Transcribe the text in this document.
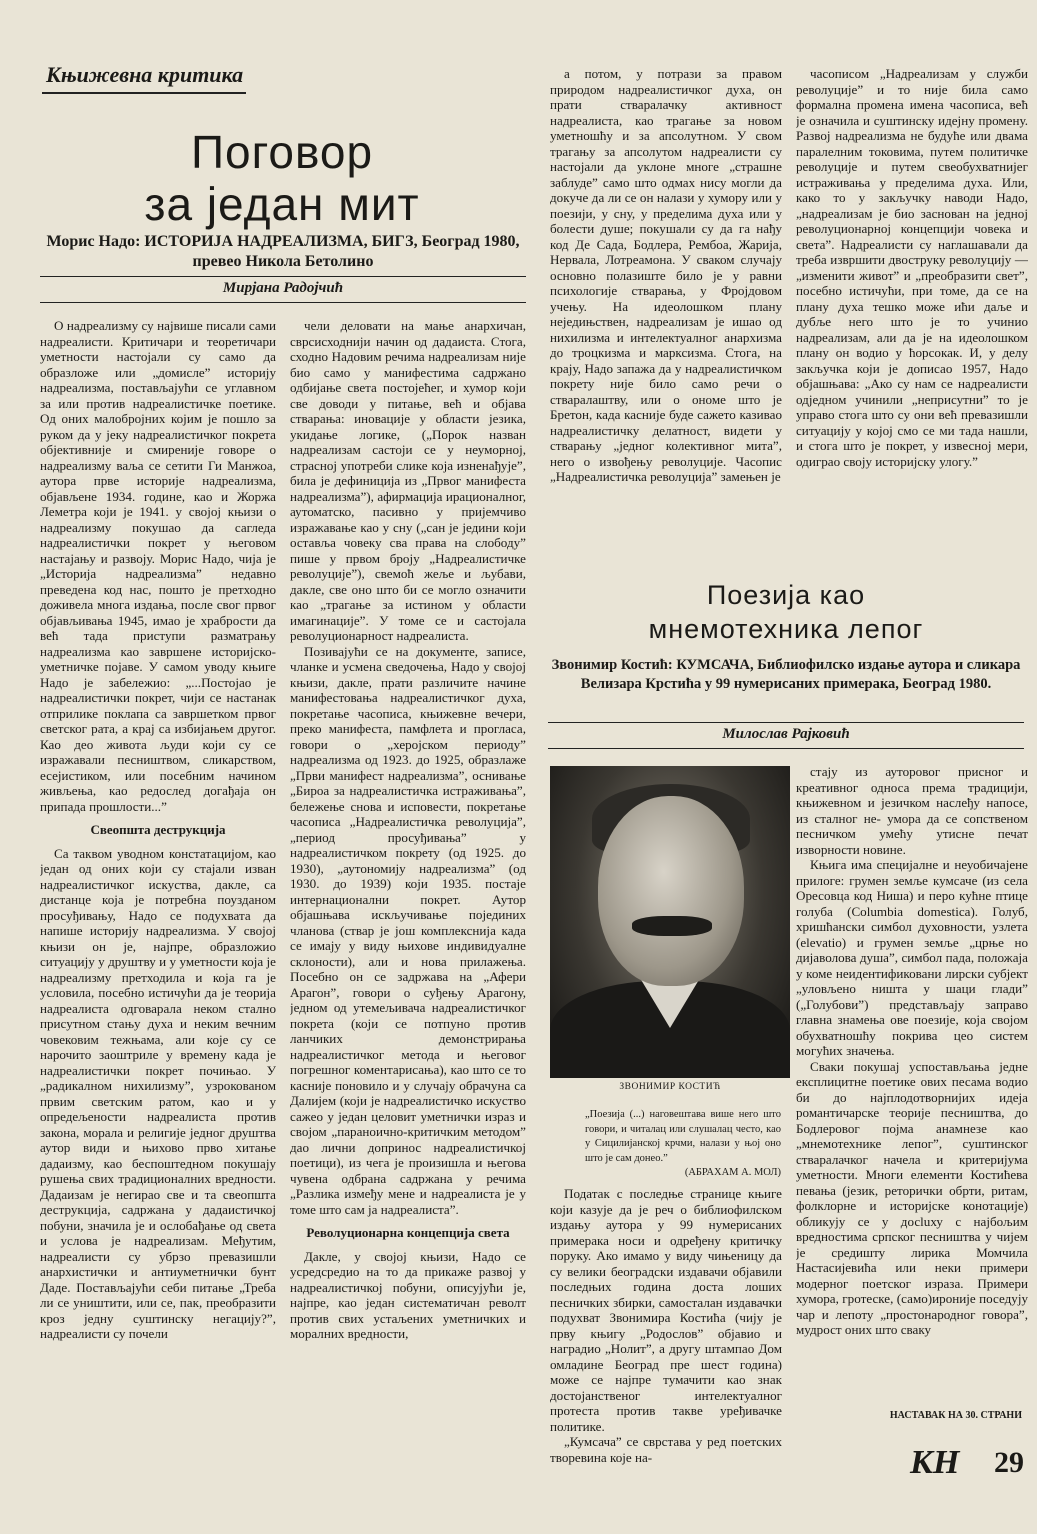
Књижевна критика
Поговор
за један мит
Морис Надо: ИСТОРИЈА НАДРЕАЛИЗМА, БИГЗ, Београд 1980, превео Никола Бетолино
Мирјана Радојчић

О надреализму су највише писали сами надреалисти. Критичари и теоретичари уметности настојали су само да образложе или „домисле” историју надреализма, постављајући се углавном за или против надреалистичке поетике. Од оних малобројних којим је пошло за руком да у јеку надреалистичког покрета објективније и смиреније говоре о надреализму ваља се сетити Ги Манжоа, аутора прве историје надреализма, објављене 1934. године, као и Жоржа Леметра који је 1941. у својој књизи о надреализму покушао да сагледа надреалистички покрет у његовом настајању и развоју. Морис Надо, чија је „Историја надреализма” недавно преведена код нас, пошто је претходно доживела многа издања, после свог првог објављивања 1945, имао је храбрости да већ тада приступи разматрању надреализма као завршене историјско-уметничке појаве. У самом уводу књиге Надо је забележио: „...Постојао је надреалистички покрет, чији се настанак отприлике поклапа са завршетком првог светског рата, а крај са избијањем другог. Као део живота људи који су се изражавали песништвом, сликарством, есејистиком, или посебним начином живљења, као редослед догађаја он припада прошлости...”

Свеопшта деструкција

Са таквом уводном констатацијом, као један од оних који су стајали изван надреалистичког искуства, дакле, са дистанце која је потребна поузданом просуђивању, Надо се подухвата да напише историју надреализма. У својој књизи он је, најпре, образложио ситуацију у друштву и у уметности која је надреализму претходила и која га је условила, посебно истичући да је теорија надреалиста одговарала неком стално присутном стању духа и неким вечним човековим тежњама, али које су се нарочито заоштриле у времену када је надреалистички покрет почињао. У „радикалном нихилизму”, узрокованом првим светским ратом, као и у опредељености надреалиста против закона, морала и религије једног друштва аутор види и њихово прво хитање дадаизму, као беспоштедном покушају рушења свих традиционалних вредности. Дадаизам је негирао све и та свеопшта деструкција, садржана у дадаистичкој побуни, значила је и ослобађање од света и услова је надреализам. Међутим, надреалисти су убрзо превазишли анархистички и антиуметнички бунт Даде. Постављајући себи питање „Треба ли се уништити, или се, пак, преобразити кроз једну суштинску негацију?”, надреалисти су почели

чели деловати на мање анархичан, сврсисходнији начин од дадаиста. Стога, сходно Надовим речима надреализам није био само у манифестима садржано одбијање света постојећег, и хумор који све доводи у питање, већ и објава стварања: иновације у области језика, укидање логике, („Порок назван надреализам састоји се у неуморној, страсној употреби слике која изненађује”, била је дефиниција из „Првог манифеста надреализма”), афирмација ирационалног, аутоматско, пасивно у пријемчиво изражавање као у сну („сан је једини који оставља човеку сва права на слободу” пише у првом броју „Надреалистичке револуције”), свемоћ жеље и љубави, дакле, све оно што би се могло означити као „трагање за истином у области имагинације”. У томе се и састојала револуционарност надреалиста.

Позивајући се на документе, записе, чланке и усмена сведочења, Надо у својој књизи, дакле, прати различите начине манифестовања надреалистичког духа, покретање часописа, књижевне вечери, преко манифеста, памфлета и прогласа, говори о „херојском периоду” надреализма од 1923. до 1925, образлаже „Први манифест надреализма”, оснивање „Бироа за надреалистичка истраживања”, бележење снова и исповести, покретање часописа „Надреалистичка револуција”, „период просуђивања” у надреалистичком покрету (од 1925. до 1930), „аутономију надреализма” (од 1930. до 1939) који 1935. постаје интернационални покрет. Аутор објашњава искључивање појединих чланова (ствар је још комплекснија када се имају у виду њихове индивидуалне склоности), али и нова прилажења. Посебно он се задржава на „Афери Арагон”, говори о суђењу Арагону, једном од утемељивача надреалистичког покрета (који се потпуно против ланчиких демонстрирања надреалистичког метода и његовог погрешног коментарисања), као што се то касније поновило и у случају обрачуна са Далијем (који је надреалистичко искуство сажео у један целовит уметнички израз и својом „параноично-критичким методом” дао лични допринос надреалистичкој поетици), из чега је произишла и његова чувена одбрана садржана у речима „Разлика између мене и надреалиста је у томе што сам ја надреалиста”.

Револуционарна концепција света

Дакле, у својој књизи, Надо се усредсредио на то да прикаже развој у надреалистичкој побуни, описујући је, најпре, као један систематичан револт против свих устаљених уметничких и моралних вредности,

а потом, у потрази за правом природом надреалистичког духа, он прати стваралачку активност надреалиста, као трагање за новом уметношћу и за апсолутном. У свом трагању за апсолутом надреалисти су настојали да уклоне многе „страшне заблуде” само што одмах нису могли да докуче да ли се он налази у хумору или у поезији, у сну, у пределима духа или у болести душе; покушали су да га нађу код Де Сада, Бодлера, Рембоа, Жарија, Нервала, Лотреамона. У сваком случају основно полазиште било је у равни психологије стварања, у Фројдовом учењу. На идеолошком плану неједињствен, надреализам је ишао од нихилизма и интелектуалног анархизма до троцкизма и марксизма. Стога, на крају, Надо запажа да у надреалистичком покрету није било само речи о стваралаштву, или о ономе што је Бретон, када касније буде сажето казивао надреалистичку делатност, видети у стварању „једног колективног мита”, него о извођењу револуције. Часопис „Надреалистичка револуција” замењен је

часописом „Надреализам у служби револуције” и то није била само формална промена имена часописа, већ је означила и суштинску идејну промену. Развој надреализма не будуће или двама паралелним токовима, путем политичке револуције и путем свеобухватнијег истраживања у пределима духа. Или, како то у закључку наводи Надо, „надреализам је био заснован на једној револуционарној концепцији човека и света”. Надреалисти су наглашавали да треба извршити двоструку револуцију — „изменити живот” и „преобразити свет”, посебно истичући, при томе, да се на плану духа тешко може ићи даље и дубље него што је то учинио надреализам, али да је на идеолошком плану он водио у ћорсокак. И, у делу закључка који је дописао 1957, Надо објашњава: „Ако су нам се надреалисти одједном учинили „неприсутни” то је управо стога што су они већ превазишли ситуацију у којој смо се ми тада нашли, и стога што је покрет, у извесној мери, одиграо своју историјску улогу.”

Поезија као
мнемотехника лепог
Звонимир Костић: КУМСАЧА, Библиофилско издање аутора и сликара Велизара Крстића у 99 нумерисаних примерака, Београд 1980.
Милослав Рајковић
ЗВОНИМИР КОСТИЋ
„Поезија (...) наговештава више него што говори, и читалац или слушалац често, као у Сицилијанској крчми, налази у њој оно што је сам донео.”
(АБРАХАМ А. МОЛ)

Податак с последње странице књиге који казује да је реч о библиофилском издању аутора у 99 нумерисаних примерака носи и одређену критичку поруку. Ако имамо у виду чињеницу да су велики београдски издавачи објавили последњих година доста лоших песничких збирки, самосталан издавачки подухват Звонимира Костића (чију је прву књигу „Родослов” објавио и наградио „Нолит”, а другу штампао Дом омладине Београд пре шест година) може се најпре тумачити као знак достојанственог интелектуалног протеста против таквe уређивачке политике.

„Кумсача” се сврстава у ред поетских творевина које на-

стају из ауторовог присног и креативног односа према традицији, књижевном и језичком наслеђу напосе, из сталног не- умора да се сопственом песничком умећу утисне печат изворности новине.

Књига има специјалне и неуобичајене прилоге: грумен земље кумсаче (из села Оресовца код Ниша) и перо кућне птице голуба (Columbia domestica). Голуб, хришћански симбол духовности, узлета (elevatio) и грумен земље „црње но дијаволова душа”, симбол пада, положаја у коме неидентификовани лирски субјект „уловљено ништа у шаци глади” („Голубови”) представљају заправо главна знамења ове поезије, која својом обухватношћу покрива цео систем могућих значења.

Сваки покушај успостављања једне експлицитне поетике ових песама водио би до најплодотворнијих идеја романтичарске теорије песништва, до Бодлеровог појма анамнезе као „мнемотехнике лепог”, суштинског стваралачког начела и критеријума уметности. Многи елементи Костићева певања (језик, реторички обрти, ритам, фолклорне и историјске конотације) обликују се у досluху с најбољим вредностима српског песништва у чијем је средишту лирика Момчила Настасијевића или неки примери модерног поетског израза. Примери хумора, гротеске, (само)ироније поседују чар и лепоту „простонародног говора”, мудрост оних што сваку

НАСТАВАК НА 30. СТРАНИ
КН 29
